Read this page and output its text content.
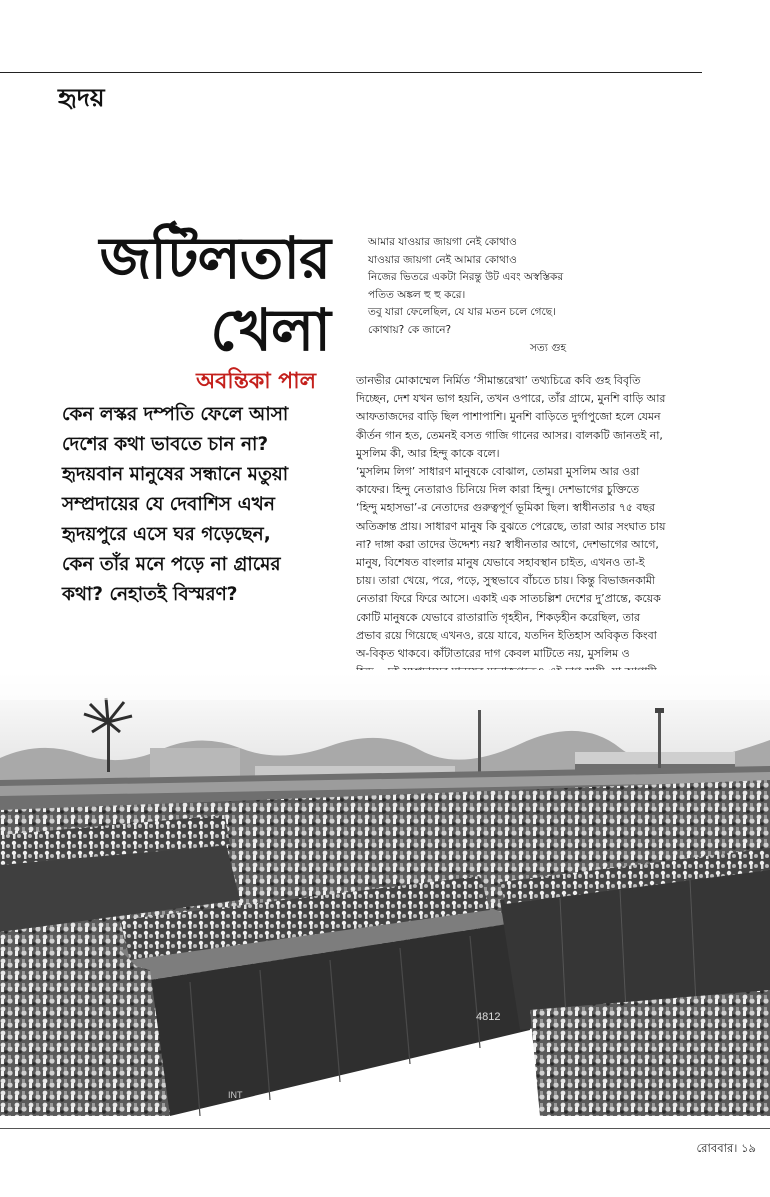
হৃদয়
জটিলতার
খেলা
অবন্তিকা পাল
কেন লস্কর দম্পতি ফেলে আসা
দেশের কথা ভাবতে চান না?
হৃদয়বান মানুষের সন্ধানে মতুয়া
সম্প্রদায়ের যে দেবাশিস এখন
হৃদয়পুরে এসে ঘর গড়েছেন,
কেন তাঁর মনে পড়ে না গ্রামের
কথা? নেহাতই বিস্মরণ?
আমার যাওয়ার জায়গা নেই কোথাও
যাওয়ার জায়গা নেই আমার কোথাও
নিজের ভিতরে একটা নিরন্তু উট এবং অস্বস্তিকর
পতিত অঙ্কল হু হু করে।
তবু যারা ফেলেছিল, যে যার মতন চলে গেছে।
কোথায়? কে জানে?
সত্য গুহ
তানভীর মোকাম্মেল নির্মিত ‘সীমান্তরেখা’ তথ্যচিত্রে কবি গুহ বিবৃতি
দিচ্ছেন, দেশ যখন ভাগ হয়নি, তখন ওপারে, তাঁর গ্রামে, মুনশি বাড়ি আর
আফতাজদের বাড়ি ছিল পাশাপাশি। মুনশি বাড়িতে দুর্গাপুজো হলে যেমন
কীর্তন গান হত, তেমনই বসত গাজি গানের আসর। বালকটি জানতই না,
মুসলিম কী, আর হিন্দু কাকে বলে।
‘মুসলিম লিগ’ সাধারণ মানুষকে বোঝাল, তোমরা মুসলিম আর ওরা
কাফের। হিন্দু নেতারাও চিনিয়ে দিল কারা হিন্দু। দেশভাগের চুক্তিতে
‘হিন্দু মহাসভা’-র নেতাদের গুরুত্বপূর্ণ ভূমিকা ছিল। স্বাধীনতার ৭৫ বছর
অতিক্রান্ত প্রায়। সাধারণ মানুষ কি বুঝতে পেরেছে, তারা আর সংঘাত চায়
না? দাঙ্গা করা তাদের উদ্দেশ্য নয়? স্বাধীনতার আগে, দেশভাগের আগে,
মানুষ, বিশেষত বাংলার মানুষ যেভাবে সহাবস্থান চাইত, এখনও তা-ই
চায়। তারা খেয়ে, পরে, পড়ে, সুস্থভাবে বাঁচতে চায়। কিন্তু বিভাজনকামী
নেতারা ফিরে ফিরে আসে। একাই এক সাতচল্লিশ দেশের দু’প্রান্তে, কয়েক
কোটি মানুষকে যেভাবে রাতারাতি গৃহহীন, শিকড়হীন করেছিল, তার
প্রভাব রয়ে গিয়েছে এখনও, রয়ে যাবে, যতদিন ইতিহাস অবিকৃত কিংবা
অ-বিকৃত থাকবে। কাঁটাতারের দাগ কেবল মাটিতে নয়, মুসলিম ও
4812
INT
রোববার। ১৯
